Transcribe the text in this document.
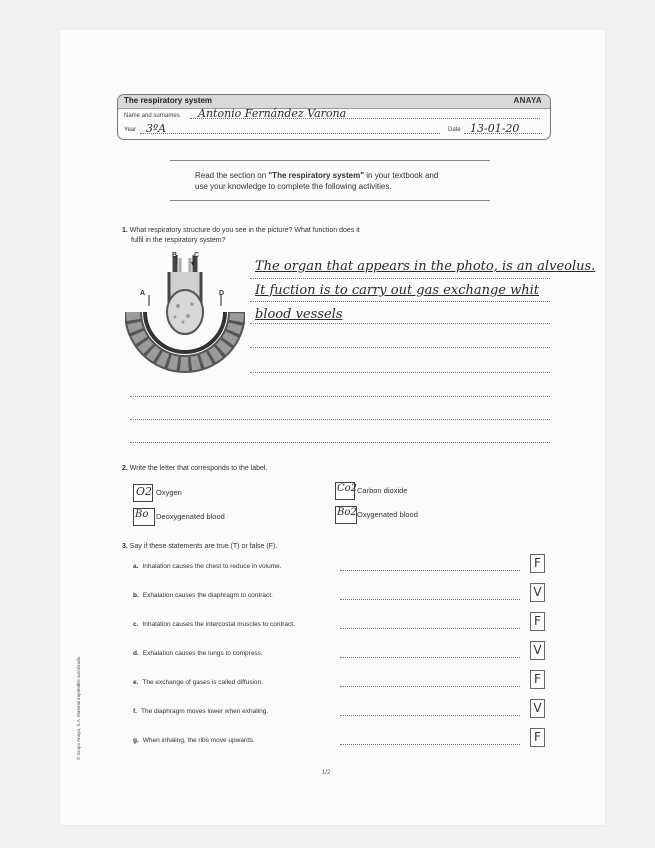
The respiratory system	ANAYA
Name and surnames Antonio Fernández Varona
Year 3ºA	Date 13-01-20
Read the section on "The respiratory system" in your textbook and
use your knowledge to complete the following activities.
1. What respiratory structure do you see in the picture? What function does it
fulfil in the respiratory system?
B C
A	D
The organ that appears in the photo, is an alveolus.
It fuction is to carry out gas exchange whit
blood vessels
2. Write the letter that corresponds to the label.
O2 Oxygen	Co2 Carbon dioxide
Bo Deoxygenated blood	Bo2 Oxygenated blood
3. Say if these statements are true (T) or false (F).
a. Inhalation causes the chest to reduce in volume.	F
b. Exhalation causes the diaphragm to contract.	V
c. Inhalation causes the intercostal muscles to contract.	F
d. Exhalation causes the lungs to compress.	V
e. The exchange of gases is called diffusion.	F
f. The diaphragm moves lower when exhaling.	V
g. When inhaling, the ribs move upwards.	F
1/2
© Grupo Anaya, S.A. Material imprimible autorizado.
